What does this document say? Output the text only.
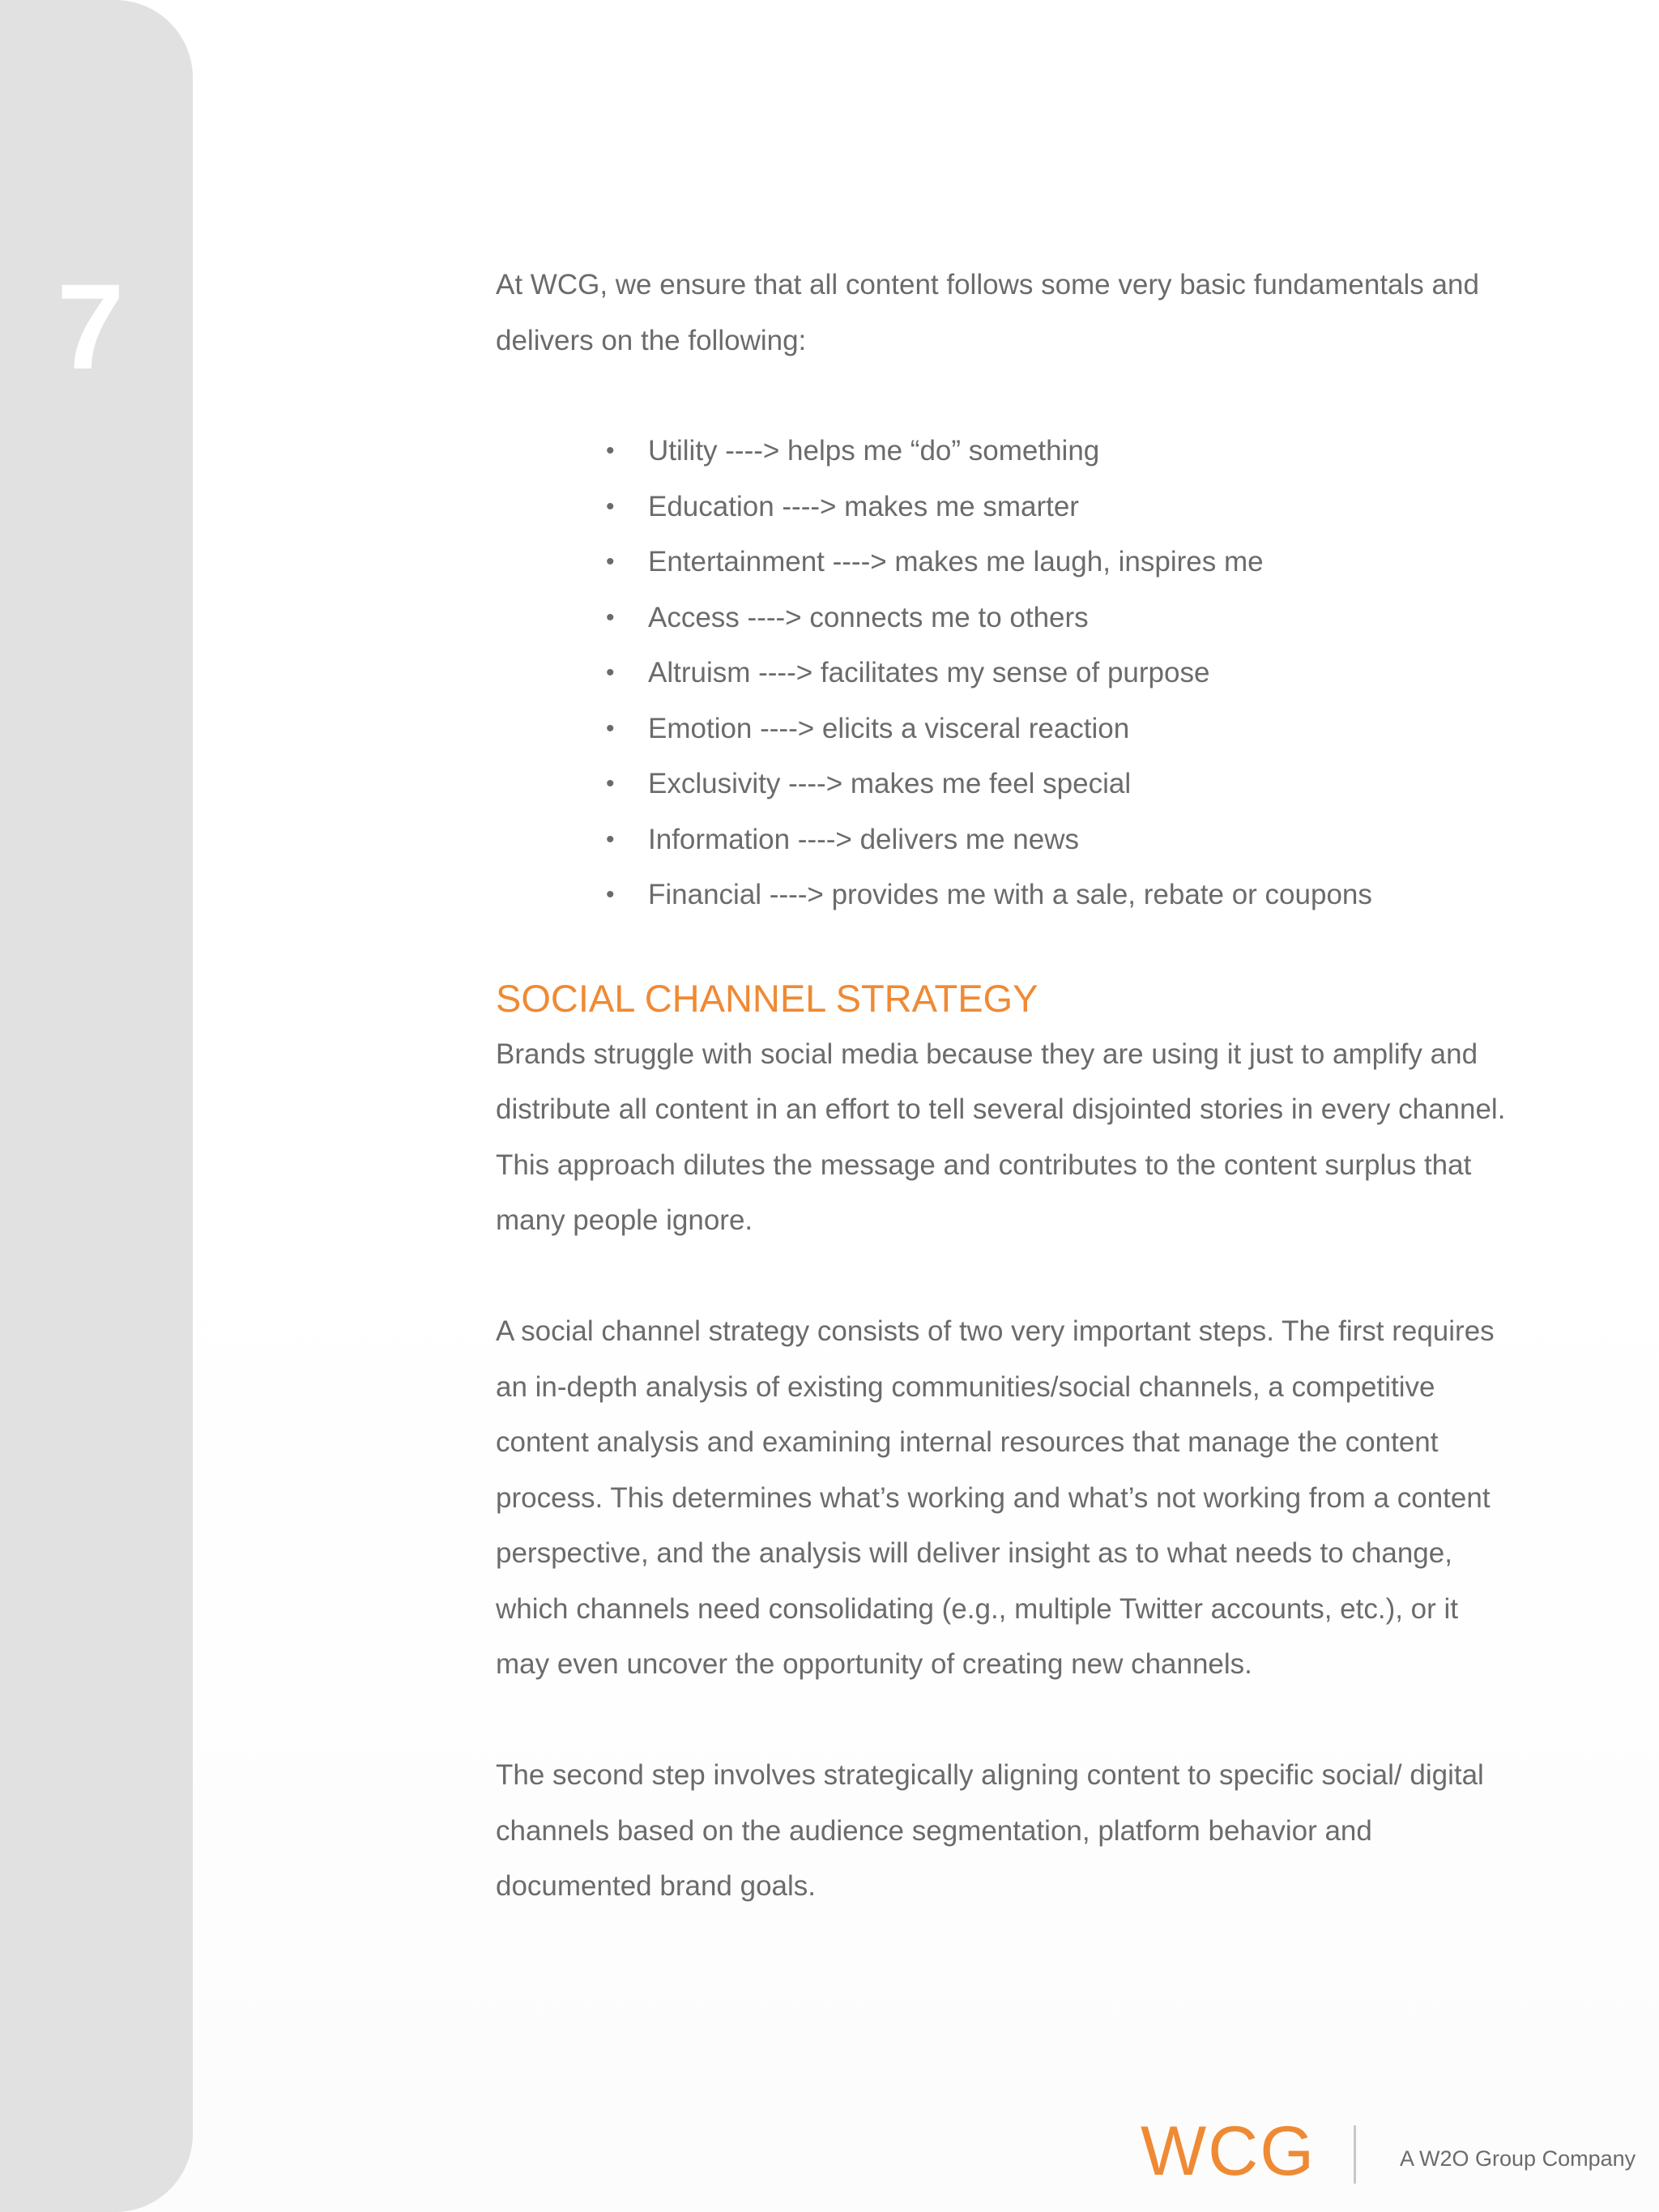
7	At WCG, we ensure that all content follows some very basic fundamentals and delivers on the following:

• Utility ----> helps me “do” something
• Education ----> makes me smarter
• Entertainment ----> makes me laugh, inspires me
• Access ----> connects me to others
• Altruism ----> facilitates my sense of purpose
• Emotion ----> elicits a visceral reaction
• Exclusivity ----> makes me feel special
• Information ----> delivers me news
• Financial ----> provides me with a sale, rebate or coupons
SOCIAL CHANNEL STRATEGY

Brands struggle with social media because they are using it just to amplify and distribute all content in an effort to tell several disjointed stories in every channel. This approach dilutes the message and contributes to the content surplus that many people ignore.

A social channel strategy consists of two very important steps. The first requires an in-depth analysis of existing communities/social channels, a competitive content analysis and examining internal resources that manage the content process. This determines what’s working and what’s not working from a content perspective, and the analysis will deliver insight as to what needs to change, which channels need consolidating (e.g., multiple Twitter accounts, etc.), or it may even uncover the opportunity of creating new channels.

The second step involves strategically aligning content to specific social/ digital channels based on the audience segmentation, platform behavior and documented brand goals.

WCG	A W2O Group Company
